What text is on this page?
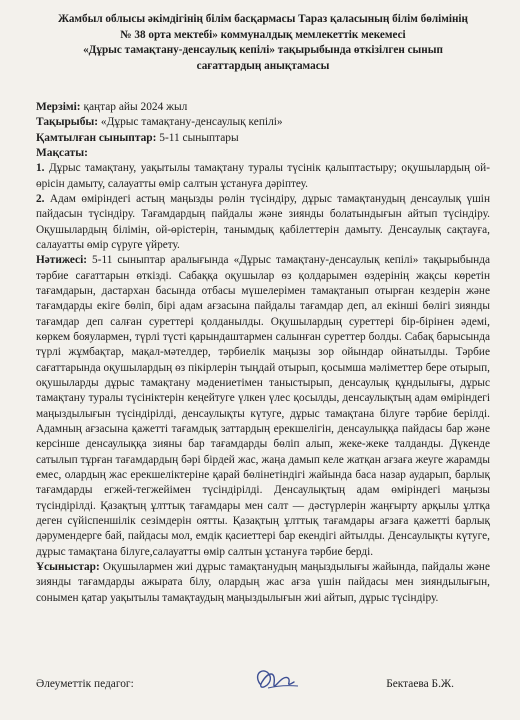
Жамбыл облысы әкімдігінің білім басқармасы Тараз қаласының білім бөлімінің
№ 38 орта мектебі» коммуналдық мемлекеттік мекемесі
«Дұрыс тамақтану-денсаулық кепілі» тақырыбында өткізілген сынып
сағаттардың анықтамасы
Мерзімі: қаңтар айы 2024 жыл
Тақырыбы: «Дұрыс тамақтану-денсаулық кепілі»
Қамтылған сыныптар: 5-11 сыныптары
Мақсаты:

1. Дұрыс тамақтану, уақытылы тамақтану туралы түсінік қалыптастыру; оқушылардың ой-өрісін дамыту, салауатты өмір салтын ұстануға дәріптеу.

2. Адам өміріндегі астың маңызды рөлін түсіндіру, дұрыс тамақтанудың денсаулық үшін пайдасын түсіндіру. Тағамдардың пайдалы және зиянды болатындығын айтып түсіндіру. Оқушылардың білімін, ой-өрістерін, танымдық қабілеттерін дамыту. Денсаулық сақтауға, салауатты өмір сүруге үйрету.

Нәтижесі: 5-11 сыныптар аралығында «Дұрыс тамақтану-денсаулық кепілі» тақырыбында тәрбие сағаттарын өткізді. Сабаққа оқушылар өз қолдарымен өздерінің жақсы көретін тағамдарын, дастархан басында отбасы мүшелерімен тамақтанып отырған кездерін және тағамдарды екіге бөліп, бірі адам ағзасына пайдалы тағамдар деп, ал екінші бөлігі зиянды тағамдар деп салған суреттері қолданылды. Оқушылардың суреттері бір-бірінен әдемі, көркем бояулармен, түрлі түсті қарындаштармен салынған суреттер болды. Сабақ барысында түрлі жұмбақтар, мақал-мәтелдер, тәрбиелік маңызы зор ойындар ойнатылды. Тәрбие сағаттарында оқушылардың өз пікірлерін тыңдай отырып, қосымша мәліметтер бере отырып, оқушыларды дұрыс тамақтану мәдениетімен таныстырып, денсаулық құндылығы, дұрыс тамақтану туралы түсініктерін кеңейтуге үлкен үлес қосылды, денсаулықтың адам өміріндегі маңыздылығын түсіндірілді, денсаулықты күтуге, дұрыс тамақтана білуге тәрбие берілді. Адамның ағзасына қажетті тағамдық заттардың ерекшелігін, денсаулыққа пайдасы бар және керсінше денсаулыққа зияны бар тағамдарды бөліп алып, жеке-жеке талданды. Дүкенде сатылып тұрған тағамдардың бәрі бірдей жас, жаңа дамып келе жатқан ағзаға жеуге жарамды емес, олардың жас ерекшеліктеріне қарай бөлінетіндігі жайында баса назар аударып, барлық тағамдарды егжей-тегжейімен түсіндірілді. Денсаулықтың адам өміріндегі маңызы түсіндірілді. Қазақтың ұлттық тағамдары мен салт — дәстүрлерін жаңғырту арқылы ұлтқа деген сүйіспеншілік сезімдерін оятты. Қазақтың ұлттық тағамдары ағзаға қажетті барлық дәрумендерге бай, пайдасы мол, емдік қасиеттері бар екендігі айтылды. Денсаулықты күтуге, дұрыс тамақтана білуге,салауатты өмір салтын ұстануға тәрбие берді.

Ұсыныстар: Оқушылармен жиі дұрыс тамақтанудың маңыздылығы жайында, пайдалы және зиянды тағамдарды ажырата білу, олардың жас ағза үшін пайдасы мен зияндылығын, сонымен қатар уақытылы тамақтаудың маңыздылығын жиі айтып, дұрыс түсіндіру.

Әлеуметтік педагог:	Бектаева Б.Ж.
